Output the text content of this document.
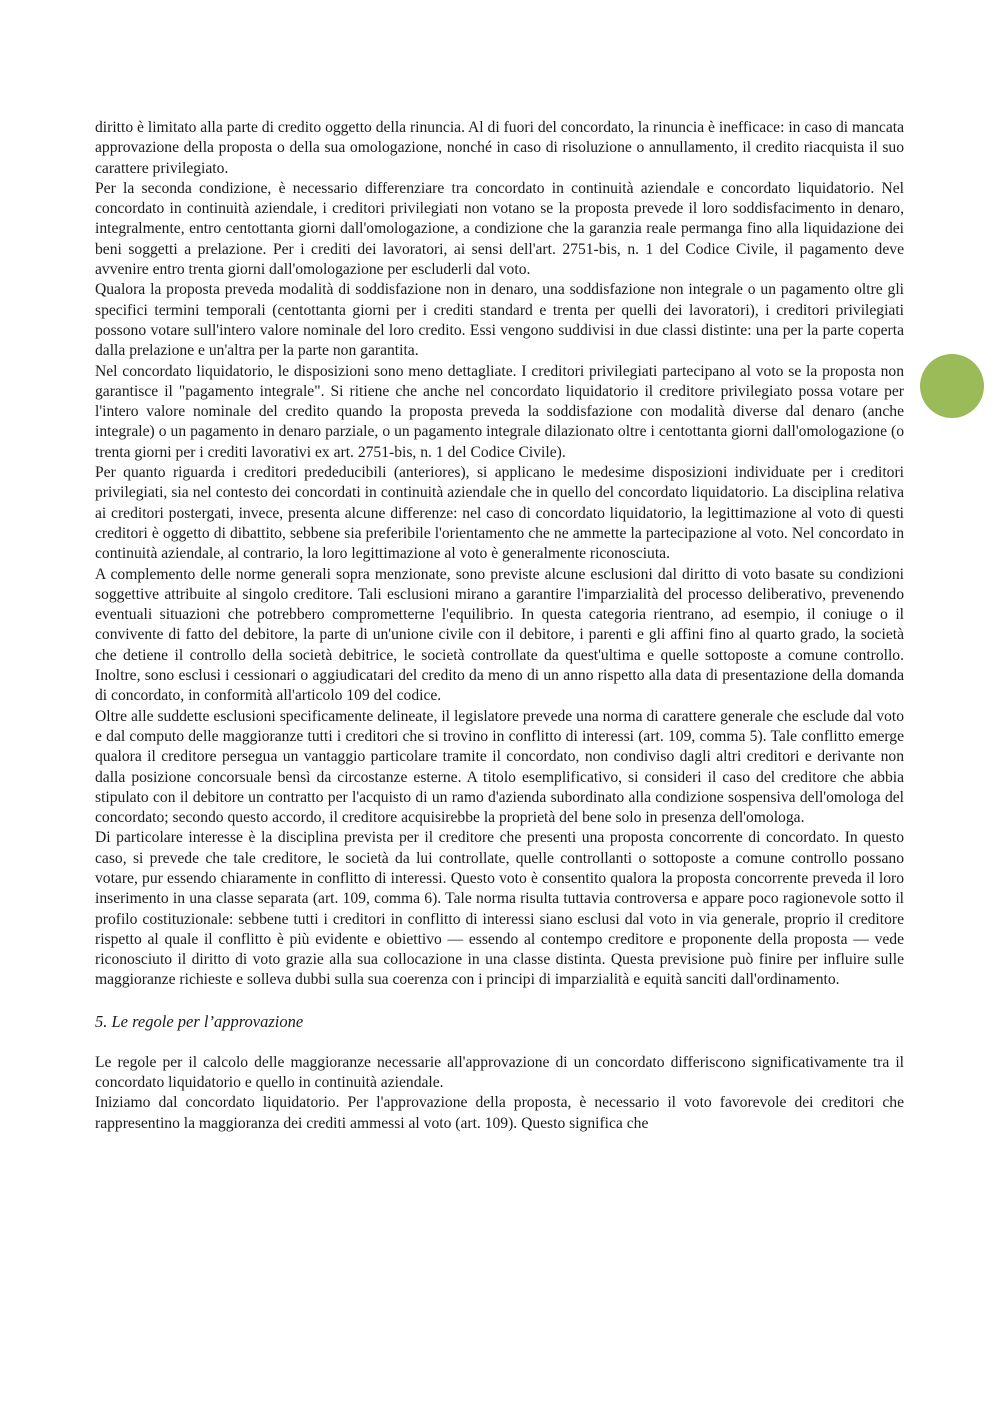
diritto è limitato alla parte di credito oggetto della rinuncia. Al di fuori del concordato, la rinuncia è inefficace: in caso di mancata approvazione della proposta o della sua omologazione, nonché in caso di risoluzione o annullamento, il credito riacquista il suo carattere privilegiato.

Per la seconda condizione, è necessario differenziare tra concordato in continuità aziendale e concordato liquidatorio. Nel concordato in continuità aziendale, i creditori privilegiati non votano se la proposta prevede il loro soddisfacimento in denaro, integralmente, entro centottanta giorni dall'omologazione, a condizione che la garanzia reale permanga fino alla liquidazione dei beni soggetti a prelazione. Per i crediti dei lavoratori, ai sensi dell'art. 2751-bis, n. 1 del Codice Civile, il pagamento deve avvenire entro trenta giorni dall'omologazione per escluderli dal voto.

Qualora la proposta preveda modalità di soddisfazione non in denaro, una soddisfazione non integrale o un pagamento oltre gli specifici termini temporali (centottanta giorni per i crediti standard e trenta per quelli dei lavoratori), i creditori privilegiati possono votare sull'intero valore nominale del loro credito. Essi vengono suddivisi in due classi distinte: una per la parte coperta dalla prelazione e un'altra per la parte non garantita.

Nel concordato liquidatorio, le disposizioni sono meno dettagliate. I creditori privilegiati partecipano al voto se la proposta non garantisce il "pagamento integrale". Si ritiene che anche nel concordato liquidatorio il creditore privilegiato possa votare per l'intero valore nominale del credito quando la proposta preveda la soddisfazione con modalità diverse dal denaro (anche integrale) o un pagamento in denaro parziale, o un pagamento integrale dilazionato oltre i centottanta giorni dall'omologazione (o trenta giorni per i crediti lavorativi ex art. 2751-bis, n. 1 del Codice Civile).

Per quanto riguarda i creditori prededucibili (anteriores), si applicano le medesime disposizioni individuate per i creditori privilegiati, sia nel contesto dei concordati in continuità aziendale che in quello del concordato liquidatorio. La disciplina relativa ai creditori postergati, invece, presenta alcune differenze: nel caso di concordato liquidatorio, la legittimazione al voto di questi creditori è oggetto di dibattito, sebbene sia preferibile l'orientamento che ne ammette la partecipazione al voto. Nel concordato in continuità aziendale, al contrario, la loro legittimazione al voto è generalmente riconosciuta.

A complemento delle norme generali sopra menzionate, sono previste alcune esclusioni dal diritto di voto basate su condizioni soggettive attribuite al singolo creditore. Tali esclusioni mirano a garantire l'imparzialità del processo deliberativo, prevenendo eventuali situazioni che potrebbero comprometterne l'equilibrio. In questa categoria rientrano, ad esempio, il coniuge o il convivente di fatto del debitore, la parte di un'unione civile con il debitore, i parenti e gli affini fino al quarto grado, la società che detiene il controllo della società debitrice, le società controllate da quest'ultima e quelle sottoposte a comune controllo. Inoltre, sono esclusi i cessionari o aggiudicatari del credito da meno di un anno rispetto alla data di presentazione della domanda di concordato, in conformità all'articolo 109 del codice.

Oltre alle suddette esclusioni specificamente delineate, il legislatore prevede una norma di carattere generale che esclude dal voto e dal computo delle maggioranze tutti i creditori che si trovino in conflitto di interessi (art. 109, comma 5). Tale conflitto emerge qualora il creditore persegua un vantaggio particolare tramite il concordato, non condiviso dagli altri creditori e derivante non dalla posizione concorsuale bensì da circostanze esterne. A titolo esemplificativo, si consideri il caso del creditore che abbia stipulato con il debitore un contratto per l'acquisto di un ramo d'azienda subordinato alla condizione sospensiva dell'omologa del concordato; secondo questo accordo, il creditore acquisirebbe la proprietà del bene solo in presenza dell'omologa.

Di particolare interesse è la disciplina prevista per il creditore che presenti una proposta concorrente di concordato. In questo caso, si prevede che tale creditore, le società da lui controllate, quelle controllanti o sottoposte a comune controllo possano votare, pur essendo chiaramente in conflitto di interessi. Questo voto è consentito qualora la proposta concorrente preveda il loro inserimento in una classe separata (art. 109, comma 6). Tale norma risulta tuttavia controversa e appare poco ragionevole sotto il profilo costituzionale: sebbene tutti i creditori in conflitto di interessi siano esclusi dal voto in via generale, proprio il creditore rispetto al quale il conflitto è più evidente e obiettivo — essendo al contempo creditore e proponente della proposta — vede riconosciuto il diritto di voto grazie alla sua collocazione in una classe distinta. Questa previsione può finire per influire sulle maggioranze richieste e solleva dubbi sulla sua coerenza con i principi di imparzialità e equità sanciti dall'ordinamento.

5. Le regole per l’approvazione

Le regole per il calcolo delle maggioranze necessarie all'approvazione di un concordato differiscono significativamente tra il concordato liquidatorio e quello in continuità aziendale.

Iniziamo dal concordato liquidatorio. Per l'approvazione della proposta, è necessario il voto favorevole dei creditori che rappresentino la maggioranza dei crediti ammessi al voto (art. 109). Questo significa che
